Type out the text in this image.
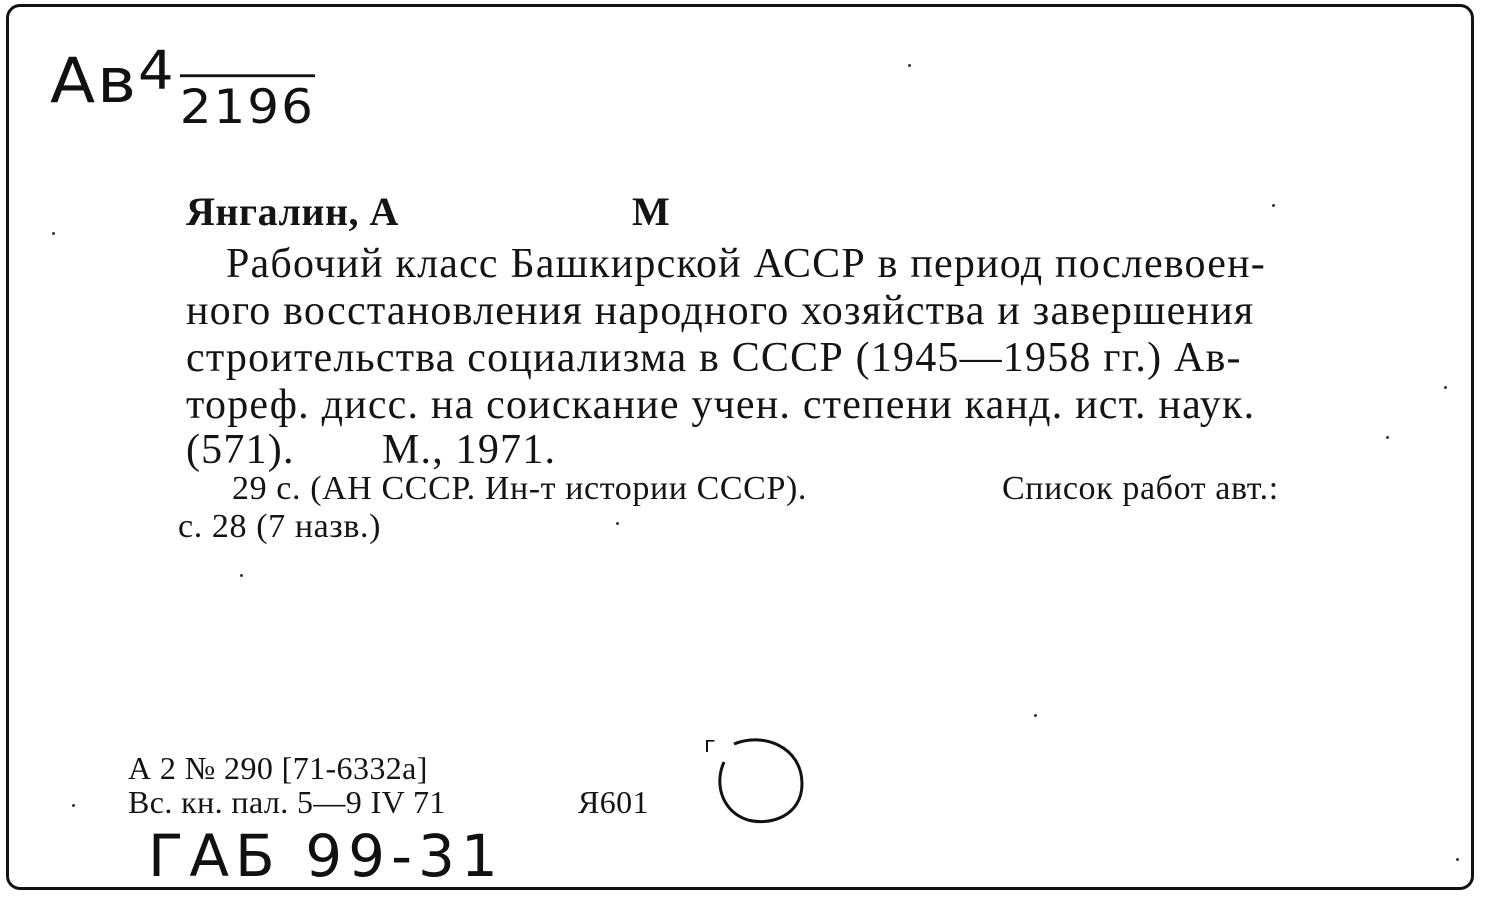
$Ав^42196$
Янгалин, А	М
Рабочий класс Башкирской АССР в период послевоен-
ного восстановления народного хозяйства и завершения
строительства социализма в СССР (1945—1958 гг.) Ав-
тореф. дисс. на соискание учен. степени канд. ист. наук.
(571). М., 1971.
29 с. (АН СССР. Ин-т истории СССР).	Список работ авт.:
с. 28 (7 назв.)
А 2 № 290 [71-6332а]
Вс. кн. пал. 5—9 IV 71	Я601
г
ГАБ 99-31
